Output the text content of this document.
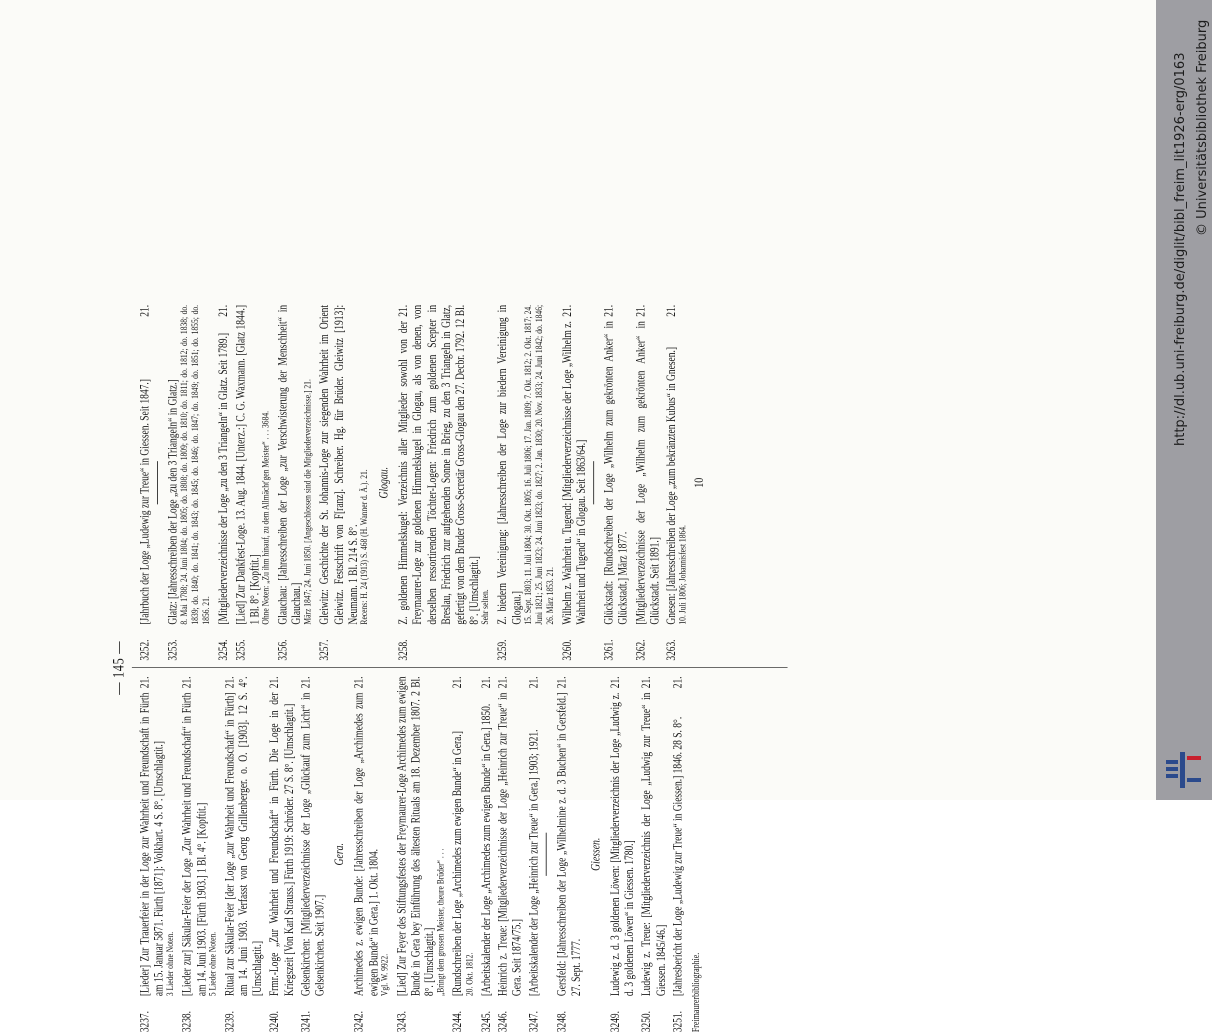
— 145 —
3237.
21.
[Lieder] Zur Trauerfeier in der Loge zur Wahrheit und Freundschaft in Fürth am 15. Januar 5871. Fürth [1871]: Volkhart. 4 S. 8°. [Umschlagtit.] 3 Lieder ohne Noten.
3238.
21.
[Lieder zur] Säkular-Feier der Loge „Zur Wahrheit und Freundschaft“ in Fürth am 14. Juni 1903. [Fürth 1903.] 1 Bl. 4°. [Kopftit.] 5 Lieder ohne Noten.
3239.
21.
Ritual zur Säkular-Feier [der Loge „zur Wahrheit und Freundschaft“ in Fürth] am 14. Juni 1903. Verfasst von Georg Grillenberger. o. O. [1903]. 12 S. 4°. [Umschlagtit.]
3240.
21.
Frmr.-Loge „Zur Wahrheit und Freundschaft“ in Fürth. Die Loge in der Kriegszeit [Von Karl Strauss.] Fürth 1919: Schröder. 27 S. 8°. [Umschlagtit.]
3241.
21.
Gelsenkirchen: [Mitgliederverzeichnisse der Loge „Glückauf zum Licht“ in Gelsenkirchen. Seit 1907.]
Gera.
3242.
21.
Archimedes z. ewigen Bunde: [Jahresschreiben der Loge „Archimedes zum ewigen Bunde“ in Gera.] 1. Okt. 1804. Vgl. W. 9922.
3243.
[Lied] Zur Feyer des Stiftungsfestes der Freymaurer-Loge Archimedes zum ewigen Bunde in Gera bey Einführung des ältesten Rituals am 18. Dezember 1807. 2 Bl. 8°. [Umschlagtit.] „Bringt dem grossen Meister, theure Brüder“ . . .
3244.
21.
[Rundschreiben der Loge „Archimedes zum ewigen Bunde“ in Gera.] 20. Okt. 1812.
3245.
21.
[Arbeitskalender der Loge „Archimedes zum ewigen Bunde“ in Gera.] 1850.
3246.
21.
Heinrich z. Treue: [Mitgliederverzeichnisse der Loge „Heinrich zur Treue“ in Gera. Seit 1874/75.]
3247.
21.
[Arbeitskalender der Loge „Heinrich zur Treue“ in Gera.] 1903; 1921.
3248.
21.
Gersfeld: [Jahresschreiben der Loge „Wilhelmine z. d. 3 Buchen“ in Gersfeld.] 27. Sept. 1777.
Giessen.
3249.
21.
Ludewig z. d. 3 goldenen Löwen: [Mitgliederverzeichnis der Loge „Ludwig z. d. 3 goldenen Löwen“ in Giessen. 1780.]
3250.
21.
Ludewig z. Treue: [Mitgliederverzeichnis der Loge „Ludwig zur Treue“ in Giessen. 1845/46.]
3251.
21.
[Jahresbericht der Loge „Ludewig zur Treue“ in Giessen.] 1846. 28 S. 8°. Freimaurerbibliographie.
3252.
21.
[Jahrbuch der Loge „Ludewig zur Treue“ in Giessen. Seit 1847.]
3253.
Glatz: [Jahresschreiben der Loge „zu den 3 Triangeln“ in Glatz.] 8. Mai 1788; 24. Juni 1804; do. 1805; do. 1808; do. 1809; do. 1810; do. 1811; do. 1812; do. 1838; do. 1839; do. 1840; do. 1841; do. 1843; do. 1845; do. 1846; do. 1847; do. 1849; do. 1851; do. 1855; do. 1856. 21.
3254.
21.
[Mitgliederverzeichnisse der Loge „zu den 3 Triangeln“ in Glatz. Seit 1789.]
3255.
[Lied] Zur Dankfest-Loge. 13. Aug. 1844. [Unterz.:] C. G. Waxmann. [Glatz 1844.] 1 Bl. 8°. [Kopftit.] Ohne Noten: „Zu ihm hinauf, zu dem Allmächt'gen Meister“ . . . 3684.
3256.
Glauchau: [Jahresschreiben der Loge „zur Verschwisterung der Menschheit“ in Glauchau.] März 1847; 24. Juni 1850. [Angeschlossen sind die Mitgliederverzeichnisse.] 21.
3257.
Gleiwitz: Geschichte der St. Johannis-Loge zur siegenden Wahrheit im Orient Gleiwitz. Festschrift von F[ranz]. Schreiber. Hg. für Brüder. Gleiwitz [1913]: Neumann. 1 Bl. 214 S. 8°. Recens: H. 24 (1913) S. 468 (H. Wanner d. Ä.). 21. Glogau.
3258.
21.
Z. goldenen Himmelskugel: Verzeichnis aller Mitglieder sowohl von der Freymaurer-Loge zur goldenen Himmelskugel in Glogau, als von denen, von derselben ressortirenden Töchter-Logen: Friedrich zum goldenen Scepter in Breslau, Friedrich zur aufgehenden Sonne in Brieg, zu den 3 Triangeln in Glatz, gefertigt von dem Bruder Gross-Secretär Gross-Glogau den 27. Decbr. 1792. 12 Bl. 8°. [Umschlagtit.] Sehr selten.
3259.
Z. biedern Vereinigung: [Jahresschreiben der Loge zur biedern Vereinigung in Glogau.] 15. Sept. 1803; 11. Juli 1804; 30. Okt. 1805; 16. Juli 1806; 17. Jan. 1809; 7. Okt. 1812; 2. Okt. 1817; 24. Juni 1821; 25. Juni 1823; 24. Juni 1823; do. 1827; 2. Jan. 1830; 20. Nov. 1833; 24. Juni 1842; do. 1846; 26. März 1853. 21.
3260.
21.
Wilhelm z. Wahrheit u. Tugend: [Mitgliederverzeichnisse der Loge „Wilhelm z. Wahrheit und Tugend“ in Glogau. Seit 1863/64.]
3261.
21.
Glückstadt: [Rundschreiben der Loge „Wilhelm zum gekrönten Anker“ in Glückstadt.] März 1877.
3262.
21.
[Mitgliederverzeichnisse der Loge „Wilhelm zum gekrönten Anker“ in Glückstadt. Seit 1891.]
3263.
21.
Gnesen: [Jahresschreiben der Loge „zum bekränzten Kubus“ in Gnesen.] 10. Juli 1806; Johannisfest 1864.
10
http://dl.ub.uni-freiburg.de/diglit/bibl_freim_lit1926-erg/0163 © Universitätsbibliothek Freiburg
